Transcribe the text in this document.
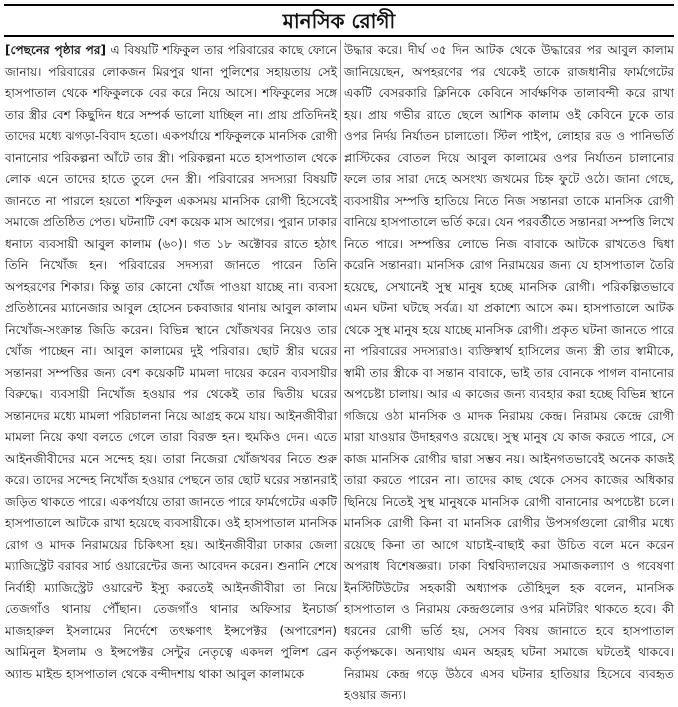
মানসিক রোগী

[পেছনের পৃষ্ঠার পর] এ বিষয়টি শফিকুল তার পরিবারের কাছে ফোনে জানায়। পরিবারের লোকজন মিরপুর থানা পুলিশের সহায়তায় সেই হাসপাতাল থেকে শফিকুলকে বের করে নিয়ে আসে। শফিকুলের সঙ্গে তার স্ত্রীর বেশ কিছুদিন ধরে সম্পর্ক ভালো যাচ্ছিল না। প্রায় প্রতিদিনই তাদের মধ্যে ঝগড়া-বিবাদ হতো। একপর্যায়ে শফিকুলকে মানসিক রোগী বানানোর পরিকল্পনা আঁটে তার স্ত্রী। পরিকল্পনা মতে হাসপাতাল থেকে লোক এনে তাদের হাতে তুলে দেন স্ত্রী। পরিবারের সদস্যরা বিষয়টি জানতে না পারলে হয়তো শফিকুল একসময় মানসিক রোগী হিসেবেই সমাজে প্রতিষ্ঠিত পেত। ঘটনাটি বেশ কয়েক মাস আগের। পুরান ঢাকার ধনাঢ্য ব্যবসায়ী আবুল কালাম (৬০)। গত ১৮ অক্টোবর রাতে হঠাৎ তিনি নিখোঁজ হন। পরিবারের সদস্যরা জানতে পারেন তিনি অপহরণের শিকার। কিন্তু তার কোনো খোঁজ পাওয়া যাচ্ছে না। ব্যবসা প্রতিষ্ঠানের ম্যানেজার আবুল হোসেন চকবাজার থানায় আবুল কালাম নিখোঁজ-সংক্রান্ত জিডি করেন। বিভিন্ন স্থানে খোঁজখবর নিয়েও তার খোঁজ পাচ্ছেন না। আবুল কালামের দুই পরিবার। ছোট স্ত্রীর ঘরের সন্তানরা সম্পত্তির জন্য বেশ কয়েকটি মামলা দায়ের করেন ব্যবসায়ীর বিরুদ্ধে। ব্যবসায়ী নিখোঁজ হওয়ার পর থেকেই তার দ্বিতীয় ঘরের সন্তানদের মধ্যে মামলা পরিচালনা নিয়ে আগ্রহ কমে যায়। আইনজীবীরা মামলা নিয়ে কথা বলতে গেলে তারা বিরক্ত হন। হুমকিও দেন। এতে আইনজীবীদের মনে সন্দেহ হয়। তারা নিজেরা খোঁজখবর নিতে শুরু করে। তাদের সন্দেহ নিখোঁজ হওয়ার পেছনে তার ছোট ঘরের সন্তানরাই জড়িত থাকতে পারে। একপর্যায়ে তারা জানতে পারে ফার্মগেটের একটি হাসপাতালে আটকে রাখা হয়েছে ব্যবসায়ীকে। ওই হাসপাতাল মানসিক রোগ ও মাদক নিরাময়ের চিকিৎসা হয়। আইনজীবীরা ঢাকার জেলা ম্যাজিস্ট্রেট বরাবর সার্চ ওয়ারেন্টের জন্য আবেদন করেন। শুনানি শেষে নির্বাহী ম্যাজিস্ট্রেট ওয়ারেন্ট ইস্যু করতেই আইনজীবীরা তা নিয়ে তেজগাঁও থানায় পৌঁছান। তেজগাঁও থানার অফিসার ইনচার্জ মাজহারুল ইসলামের নির্দেশে তৎক্ষণাৎ ইন্সপেক্টর (অপারেশন) আমিনুল ইসলাম ও ইন্সপেক্টর সেন্টুর নেতৃত্বে একদল পুলিশ ব্রেন অ্যান্ড মাইন্ড হাসপাতাল থেকে বন্দীদশায় থাকা আবুল কালামকে

উদ্ধার করে। দীর্ঘ ৩৫ দিন আটক থেকে উদ্ধারের পর আবুল কালাম জানিয়েছেন, অপহরণের পর থেকেই তাকে রাজধানীর ফার্মগেটের একটি বেসরকারি ক্লিনিকে কেবিনে সার্বক্ষণিক তালাবন্দী করে রাখা হয়। প্রায় গভীর রাতে ছেলে আশিক কালাম ওই কেবিনে ঢুকে তার ওপর নির্দয় নির্যাতন চালাতো। স্টিল পাইপ, লোহার রড ও পানিভর্তি প্লাস্টিকের বোতল দিয়ে আবুল কালামের ওপর নির্যাতন চালানোর ফলে তার সারা দেহে অসংখ্য জখমের চিহ্ন ফুটে ওঠে। জানা গেছে, ব্যবসায়ীর সম্পত্তি হাতিয়ে নিতে নিজ সন্তানরা তাকে মানসিক রোগী বানিয়ে হাসপাতালে ভর্তি করে। যেন পরবর্তীতে সন্তানরা সম্পত্তি লিখে নিতে পারে। সম্পত্তির লোভে নিজ বাবাকে আটকে রাখতেও দ্বিধা করেনি সন্তানরা। মানসিক রোগ নিরাময়ের জন্য যে হাসপাতাল তৈরি হয়েছে, সেখানেই সুস্থ মানুষ হচ্ছে মানসিক রোগী। পরিকল্পিতভাবে এমন ঘটনা ঘটছে সর্বত্র। যা প্রকাশ্যে আসে কম। হাসপাতালে আটক থেকে সুস্থ মানুষ হয়ে যাচ্ছে মানসিক রোগী। প্রকৃত ঘটনা জানতে পারে না পরিবারের সদস্যরাও। ব্যক্তিস্বার্থ হাসিলের জন্য স্ত্রী তার স্বামীকে, স্বামী তার স্ত্রীকে বা সন্তান বাবাকে, ভাই তার বোনকে পাগল বানানোর অপচেষ্টা চালায়। আর এ কাজের জন্য ব্যবহার করা হচ্ছে বিভিন্ন স্থানে গজিয়ে ওঠা মানসিক ও মাদক নিরাময় কেন্দ্র। নিরাময় কেন্দ্রে রোগী মারা যাওয়ার উদাহরণও রয়েছে। সুস্থ মানুষ যে কাজ করতে পারে, সে কাজ মানসিক রোগীর দ্বারা সম্ভব নয়। আইনগতভাবেই অনেক কাজই তারা করতে পারেন না। তাদের কাছ থেকে সেসব কাজের অধিকার ছিনিয়ে নিতেই সুস্থ মানুষকে মানসিক রোগী বানানোর অপচেষ্টা চলে। মানসিক রোগী কিনা বা মানসিক রোগীর উপসর্গগুলো রোগীর মধ্যে রয়েছে কিনা তা আগে যাচাই-বাছাই করা উচিত বলে মনে করেন অপরাধ বিশেষজ্ঞরা। ঢাকা বিশ্ববিদ্যালয়ের সমাজকল্যাণ ও গবেষণা ইনস্টিটিউটের সহকারী অধ্যাপক তৌহিদুল হক বলেন, মানসিক হাসপাতাল ও নিরাময় কেন্দ্রগুলোর ওপর মনিটরিং থাকতে হবে। কী ধরনের রোগী ভর্তি হয়, সেসব বিষয় জানাতে হবে হাসপাতাল কর্তৃপক্ষকে। অন্যথায় এমন অহরহ ঘটনা সমাজে ঘটতেই থাকবে। নিরাময় কেন্দ্র গড়ে উঠবে এসব ঘটনার হাতিয়ার হিসেবে ব্যবহৃত হওয়ার জন্য।
